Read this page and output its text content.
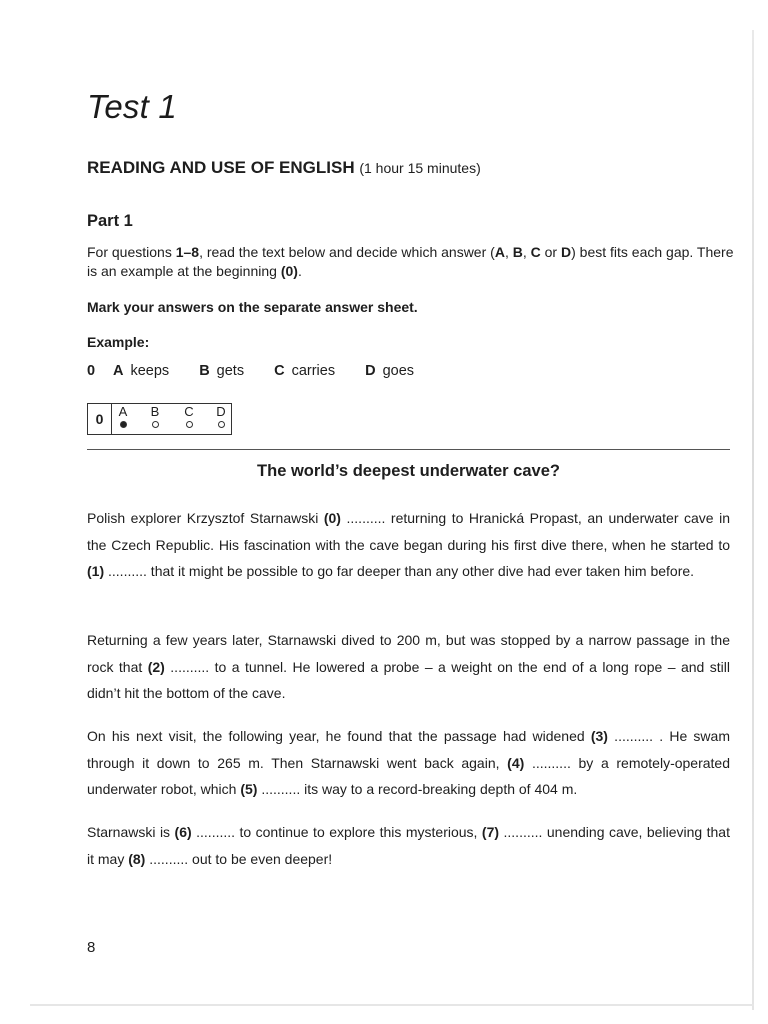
Test 1
READING AND USE OF ENGLISH (1 hour 15 minutes)
Part 1

For questions 1–8, read the text below and decide which answer (A, B, C or D) best fits each gap. There is an example at the beginning (0).

Mark your answers on the separate answer sheet.

Example:

0	A keeps B gets C carries D goes
0	A	B	C	D
The world’s deepest underwater cave?

Polish explorer Krzysztof Starnawski (0) .......... returning to Hranická Propast, an underwater cave in the Czech Republic. His fascination with the cave began during his first dive there, when he started to (1) .......... that it might be possible to go far deeper than any other dive had ever taken him before.

Returning a few years later, Starnawski dived to 200 m, but was stopped by a narrow passage in the rock that (2) .......... to a tunnel. He lowered a probe – a weight on the end of a long rope – and still didn’t hit the bottom of the cave.

On his next visit, the following year, he found that the passage had widened (3) .......... . He swam through it down to 265 m. Then Starnawski went back again, (4) .......... by a remotely-operated underwater robot, which (5) .......... its way to a record-breaking depth of 404 m.

Starnawski is (6) .......... to continue to explore this mysterious, (7) .......... unending cave, believing that it may (8) .......... out to be even deeper!

8
